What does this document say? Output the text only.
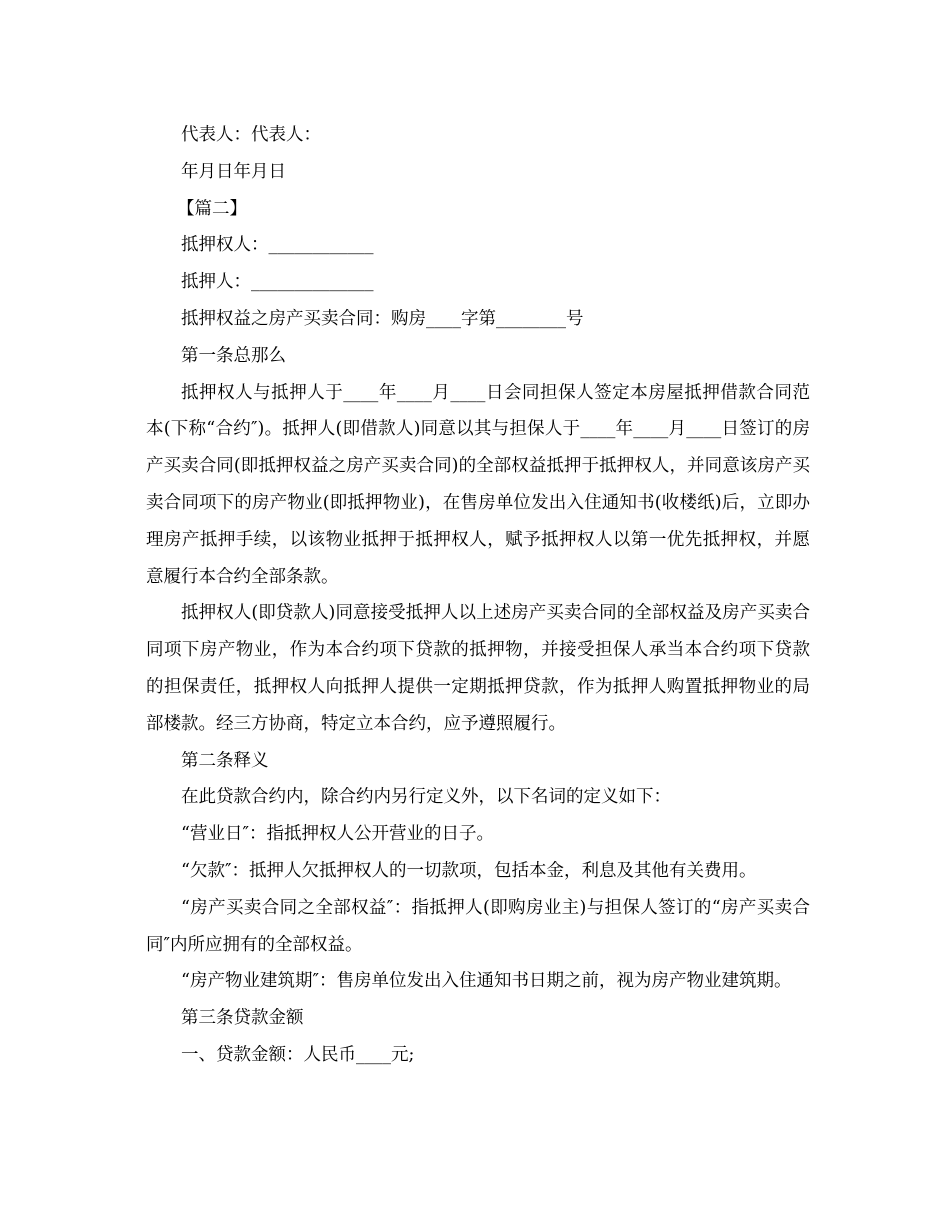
代表人：代表人：
年月日年月日
【篇二】
抵押权人：____________
抵押人：______________
抵押权益之房产买卖合同：购房____字第________号
第一条总那么

抵押权人与抵押人于____年____月____日会同担保人签定本房屋抵押借款合同范本(下称“合约″)。抵押人(即借款人)同意以其与担保人于____年____月____日签订的房产买卖合同(即抵押权益之房产买卖合同)的全部权益抵押于抵押权人，并同意该房产买卖合同项下的房产物业(即抵押物业)，在售房单位发出入住通知书(收楼纸)后，立即办理房产抵押手续，以该物业抵押于抵押权人，赋予抵押权人以第一优先抵押权，并愿意履行本合约全部条款。

抵押权人(即贷款人)同意接受抵押人以上述房产买卖合同的全部权益及房产买卖合同项下房产物业，作为本合约项下贷款的抵押物，并接受担保人承当本合约项下贷款的担保责任，抵押权人向抵押人提供一定期抵押贷款，作为抵押人购置抵押物业的局部楼款。经三方协商，特定立本合约，应予遵照履行。

第二条释义
在此贷款合约内，除合约内另行定义外，以下名词的定义如下：
“营业日″：指抵押权人公开营业的日子。
“欠款″：抵押人欠抵押权人的一切款项，包括本金，利息及其他有关费用。

“房产买卖合同之全部权益″：指抵押人(即购房业主)与担保人签订的“房产买卖合同″内所应拥有的全部权益。

“房产物业建筑期″：售房单位发出入住通知书日期之前，视为房产物业建筑期。

第三条贷款金额
一、贷款金额：人民币____元;
